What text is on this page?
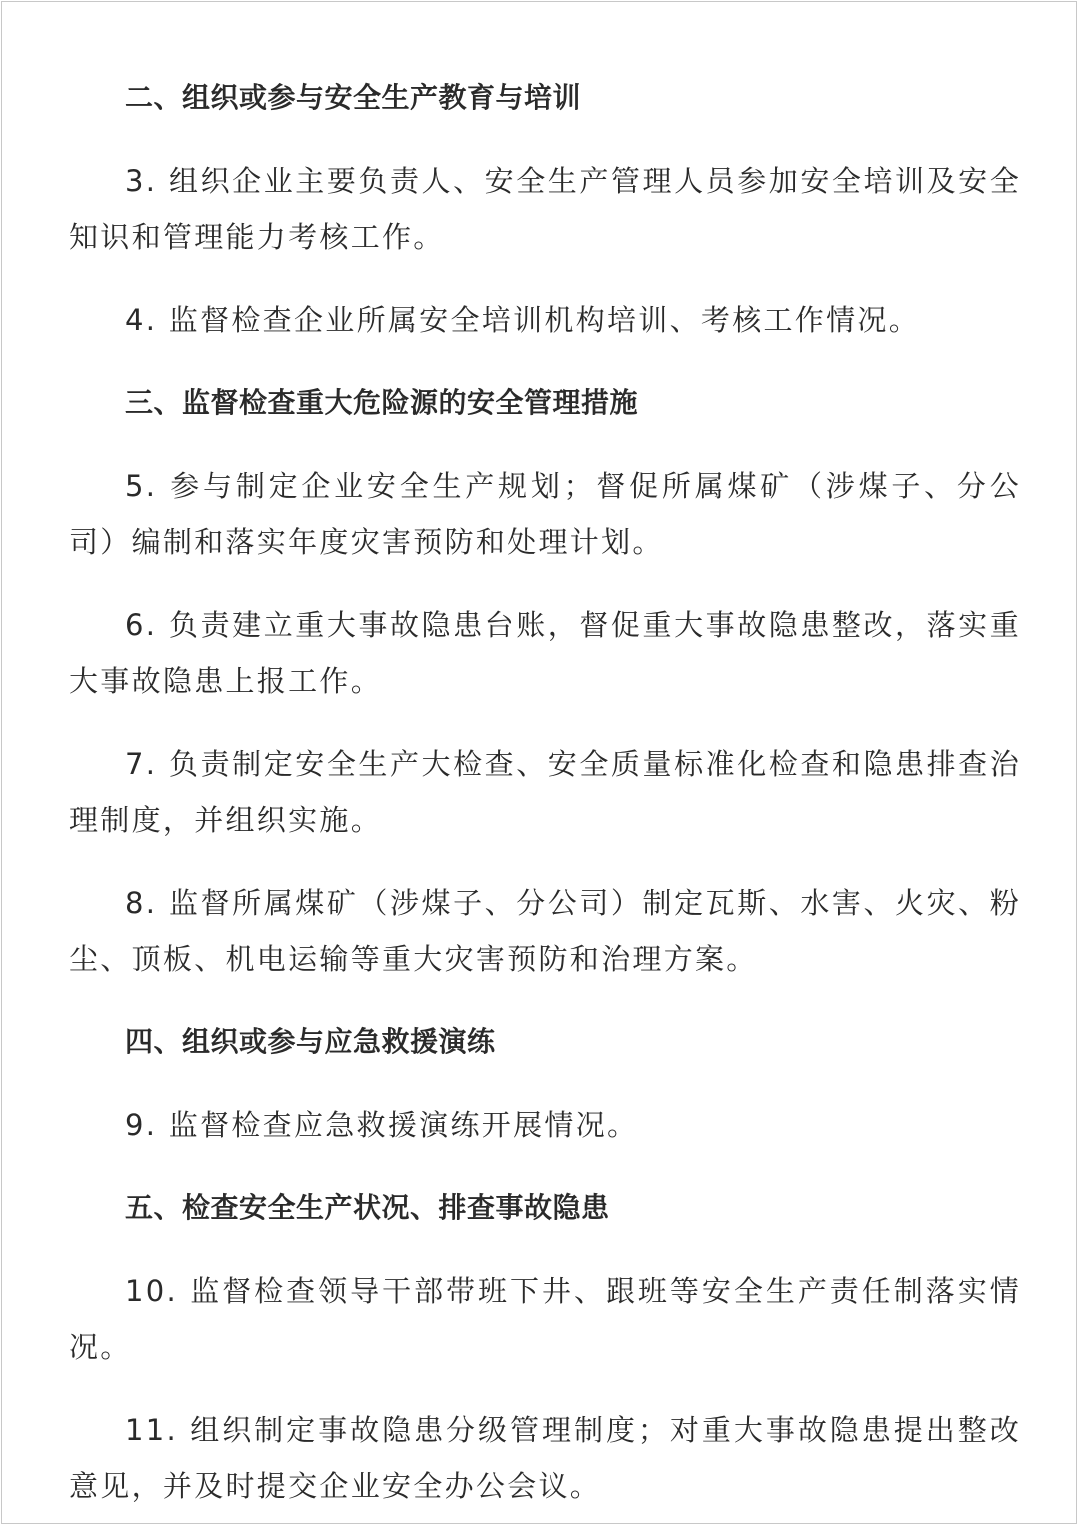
二、组织或参与安全生产教育与培训

3. 组织企业主要负责人、安全生产管理人员参加安全培训及安全知识和管理能力考核工作。

4. 监督检查企业所属安全培训机构培训、考核工作情况。

三、监督检查重大危险源的安全管理措施

5. 参与制定企业安全生产规划；督促所属煤矿（涉煤子、分公司）编制和落实年度灾害预防和处理计划。

6. 负责建立重大事故隐患台账，督促重大事故隐患整改，落实重大事故隐患上报工作。

7. 负责制定安全生产大检查、安全质量标准化检查和隐患排查治理制度，并组织实施。

8. 监督所属煤矿（涉煤子、分公司）制定瓦斯、水害、火灾、粉尘、顶板、机电运输等重大灾害预防和治理方案。

四、组织或参与应急救援演练

9. 监督检查应急救援演练开展情况。

五、检查安全生产状况、排查事故隐患

10. 监督检查领导干部带班下井、跟班等安全生产责任制落实情况。

11. 组织制定事故隐患分级管理制度；对重大事故隐患提出整改意见，并及时提交企业安全办公会议。
